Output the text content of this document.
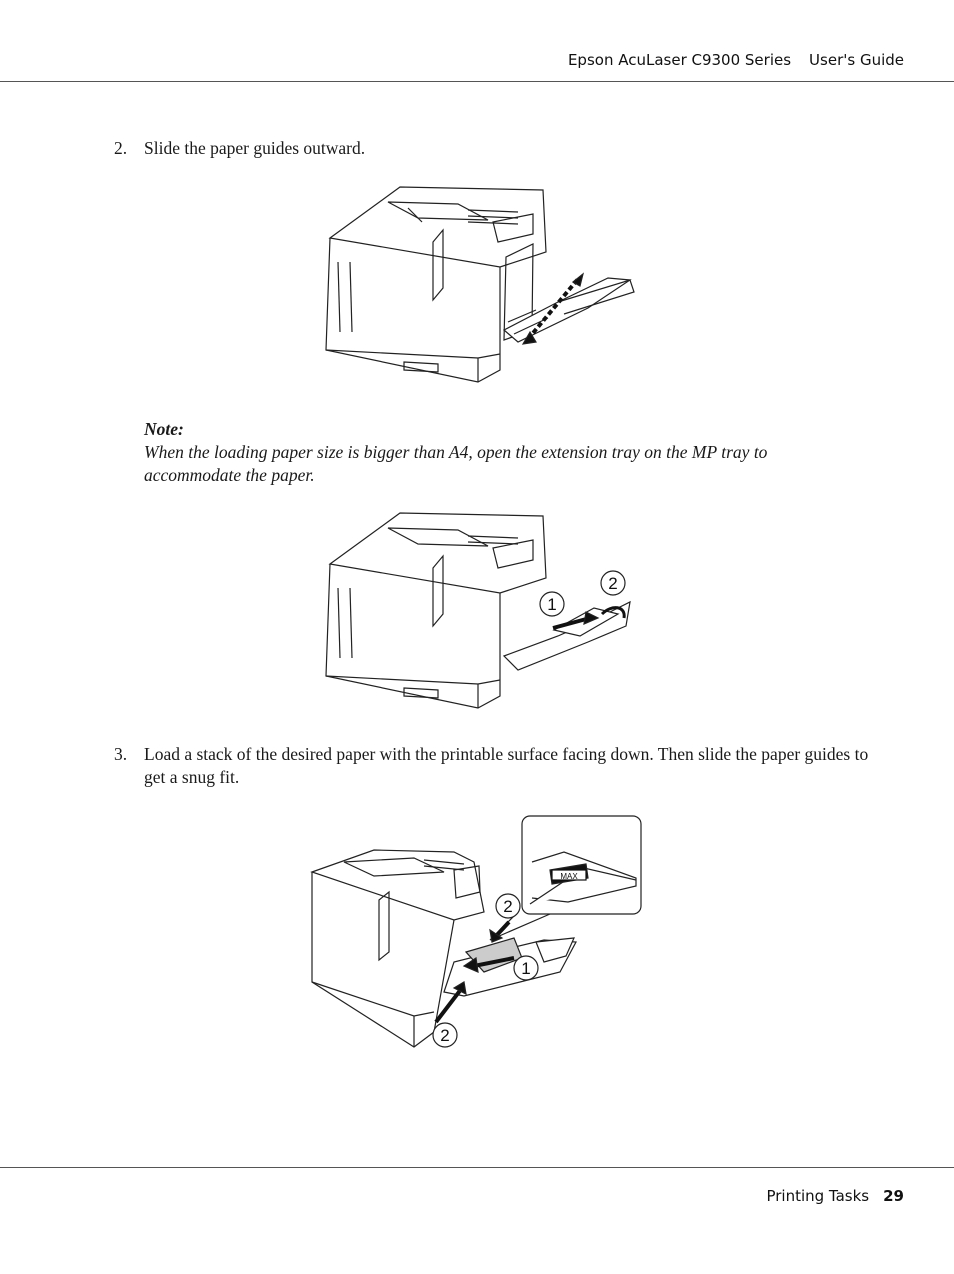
Epson AcuLaser C9300 Series User's Guide
2. Slide the paper guides outward.
Note:
When the loading paper size is bigger than A4, open the extension tray on the MP tray to accommodate the paper.
1
2
3. Load a stack of the desired paper with the printable surface facing down. Then slide the paper guides to get a snug fit.
MAX
2
1
2
Printing Tasks 29
